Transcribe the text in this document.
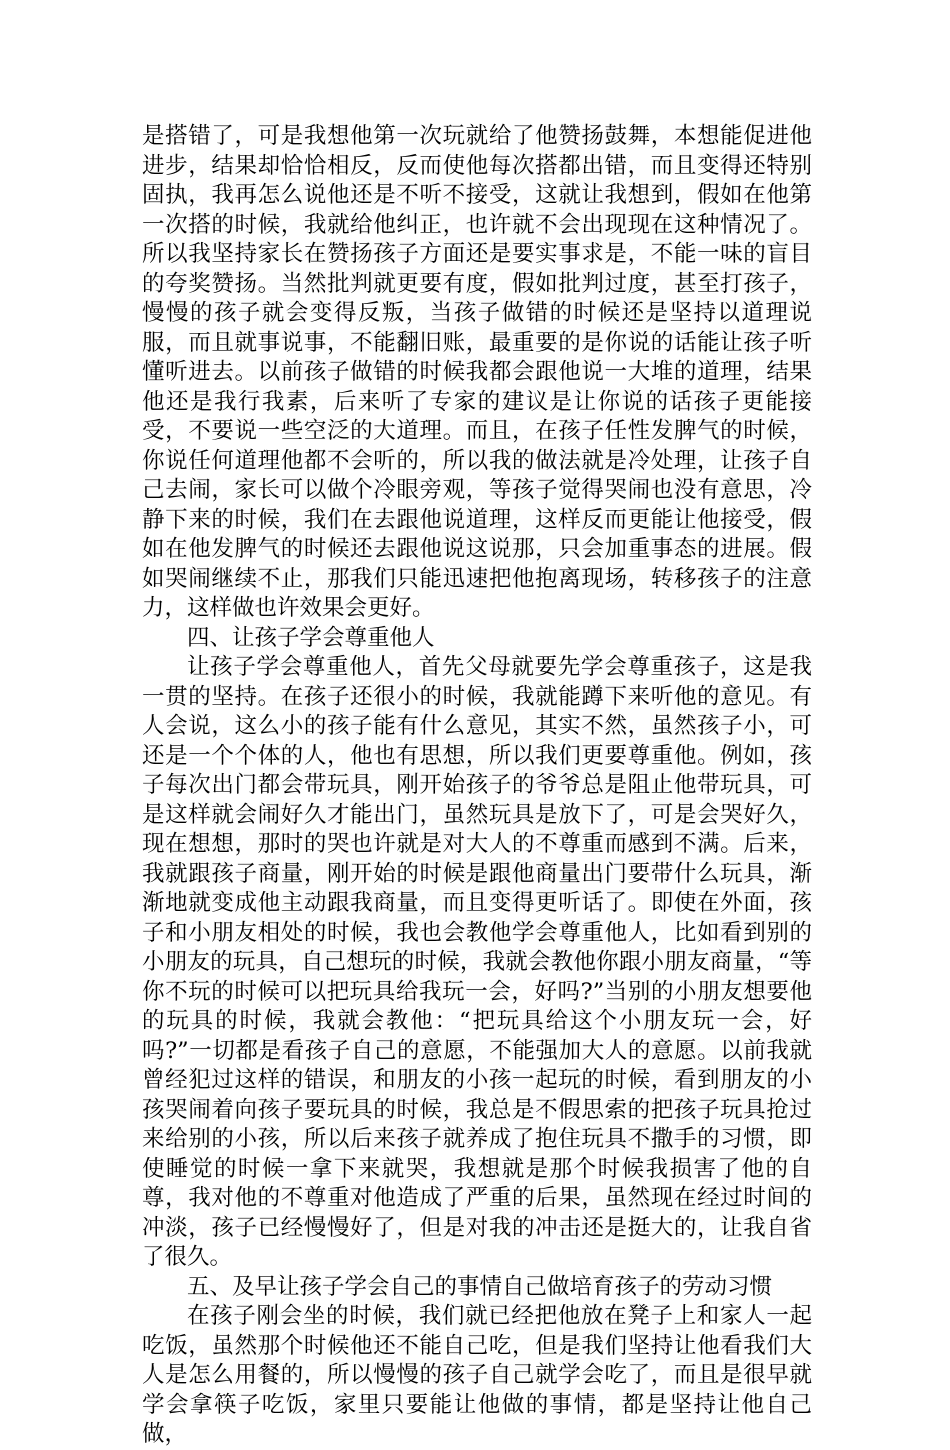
是搭错了，可是我想他第一次玩就给了他赞扬鼓舞，本想能促进他进步，结果却恰恰相反，反而使他每次搭都出错，而且变得还特别固执，我再怎么说他还是不听不接受，这就让我想到，假如在他第一次搭的时候，我就给他纠正，也许就不会出现现在这种情况了。所以我坚持家长在赞扬孩子方面还是要实事求是，不能一味的盲目的夸奖赞扬。当然批判就更要有度，假如批判过度，甚至打孩子，慢慢的孩子就会变得反叛，当孩子做错的时候还是坚持以道理说服，而且就事说事，不能翻旧账，最重要的是你说的话能让孩子听懂听进去。以前孩子做错的时候我都会跟他说一大堆的道理，结果他还是我行我素，后来听了专家的建议是让你说的话孩子更能接受，不要说一些空泛的大道理。而且，在孩子任性发脾气的时候，你说任何道理他都不会听的，所以我的做法就是冷处理，让孩子自己去闹，家长可以做个冷眼旁观，等孩子觉得哭闹也没有意思，冷静下来的时候，我们在去跟他说道理，这样反而更能让他接受，假如在他发脾气的时候还去跟他说这说那，只会加重事态的进展。假如哭闹继续不止，那我们只能迅速把他抱离现场，转移孩子的注意力，这样做也许效果会更好。

四、让孩子学会尊重他人

让孩子学会尊重他人，首先父母就要先学会尊重孩子，这是我一贯的坚持。在孩子还很小的时候，我就能蹲下来听他的意见。有人会说，这么小的孩子能有什么意见，其实不然，虽然孩子小，可还是一个个体的人，他也有思想，所以我们更要尊重他。例如，孩子每次出门都会带玩具，刚开始孩子的爷爷总是阻止他带玩具，可是这样就会闹好久才能出门，虽然玩具是放下了，可是会哭好久，现在想想，那时的哭也许就是对大人的不尊重而感到不满。后来，我就跟孩子商量，刚开始的时候是跟他商量出门要带什么玩具，渐渐地就变成他主动跟我商量，而且变得更听话了。即使在外面，孩子和小朋友相处的时候，我也会教他学会尊重他人，比如看到别的小朋友的玩具，自己想玩的时候，我就会教他你跟小朋友商量，“等你不玩的时候可以把玩具给我玩一会，好吗?”当别的小朋友想要他的玩具的时候，我就会教他：“把玩具给这个小朋友玩一会，好吗?”一切都是看孩子自己的意愿，不能强加大人的意愿。以前我就曾经犯过这样的错误，和朋友的小孩一起玩的时候，看到朋友的小孩哭闹着向孩子要玩具的时候，我总是不假思索的把孩子玩具抢过来给别的小孩，所以后来孩子就养成了抱住玩具不撒手的习惯，即使睡觉的时候一拿下来就哭，我想就是那个时候我损害了他的自尊，我对他的不尊重对他造成了严重的后果，虽然现在经过时间的冲淡，孩子已经慢慢好了，但是对我的冲击还是挺大的，让我自省了很久。

五、及早让孩子学会自己的事情自己做培育孩子的劳动习惯

在孩子刚会坐的时候，我们就已经把他放在凳子上和家人一起吃饭，虽然那个时候他还不能自己吃，但是我们坚持让他看我们大人是怎么用餐的，所以慢慢的孩子自己就学会吃了，而且是很早就学会拿筷子吃饭，家里只要能让他做的事情，都是坚持让他自己做，
